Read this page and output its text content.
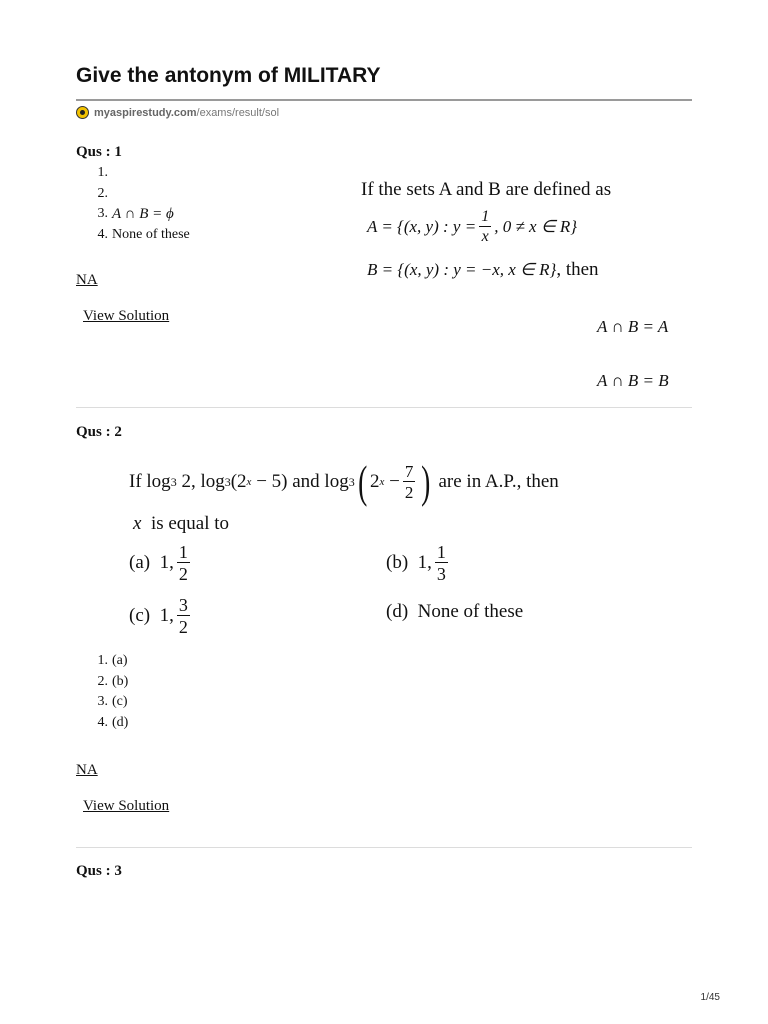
Give the antonym of MILITARY
myaspirestudy.com /exams/result/sol
Qus : 1
1.
2.
3. A ∩ B = ϕ
4. None of these
If the sets A and B are defined as
A = {(x, y) : $y = \frac{1}{x}$ , 0 ≠ x ∈ R}
B = {(x, y) : y = −x, x ∈ R}, then
A ∩ B = A
A ∩ B = B
NA
View Solution
Qus : 2
If
log 3
2,
log 3 (2 x
− 5)
and
log 3 ( 2 x
− $\frac{7}{2}$ )
are in A.P., then
x is equal to
(a)
1, $\frac{1}{2}$	(b)
1, $\frac{1}{3}$
(c)
1, $\frac{3}{2}$	(d) None of these
1. (a)
2. (b)
3. (c)
4. (d)
NA
View Solution
Qus : 3
1/45
